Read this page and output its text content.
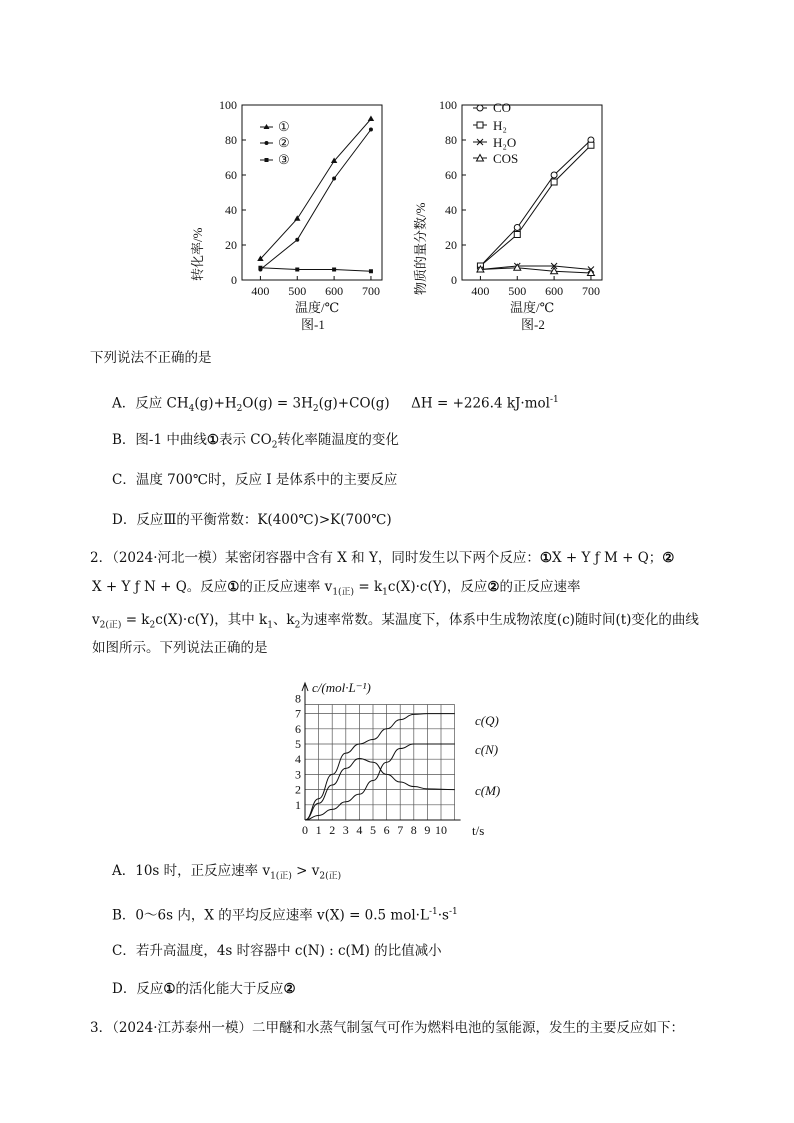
0
20
40
60
80
100
400 500 600 700
转化率/%
温度/℃
图-1
①
②
③
0
20
40
60
80
100
400 500 600 700
物质的量分数/%
温度/℃
图-2
CO
H₂
H₂O
COS
下列说法不正确的是
A．反应 $CH_4(g)+H_2O(g) = 3H_2(g)+CO(g) \Delta H = +226.4$ kJ·mol$^{-1}$
B．图-1 中曲线①表示 $CO_2$转化率随温度的变化
C．温度 700℃时，反应 I 是体系中的主要反应
D．反应Ⅲ的平衡常数：K(400℃)>K(700℃)
2．（2024·河北一模）某密闭容器中含有 X 和 Y，同时发生以下两个反应：①X + Y ƒ M + Q；②
X + Y ƒ N + Q。反应①的正反应速率 $v_{1(正)} = k_1c(X)\cdot c(Y)$，反应②的正反应速率
$v_{2(正)} = k_2c(X)\cdot c(Y)$，其中 $k_1$、$k_2$为速率常数。某温度下，体系中生成物浓度(c)随时间(t)变化的曲线
如图所示。下列说法正确的是
1
2
3
4
5
6
7
8
0 1 2 3 4 5 6 7 8 9 10
c/(mol·L⁻¹)
t/s
c(Q)
c(N)
c(M)
A．10s 时，正反应速率 $v_{1(正)} > v_{2(正)}$
B．0～6s 内，X 的平均反应速率 v(X) = 0.5 $mol\cdot L^{-1}\cdot s^{-1}$
C．若升高温度，4s 时容器中 c(N) : c(M) 的比值减小
D．反应①的活化能大于反应②
3．（2024·江苏泰州一模）二甲醚和水蒸气制氢气可作为燃料电池的氢能源，发生的主要反应如下：
